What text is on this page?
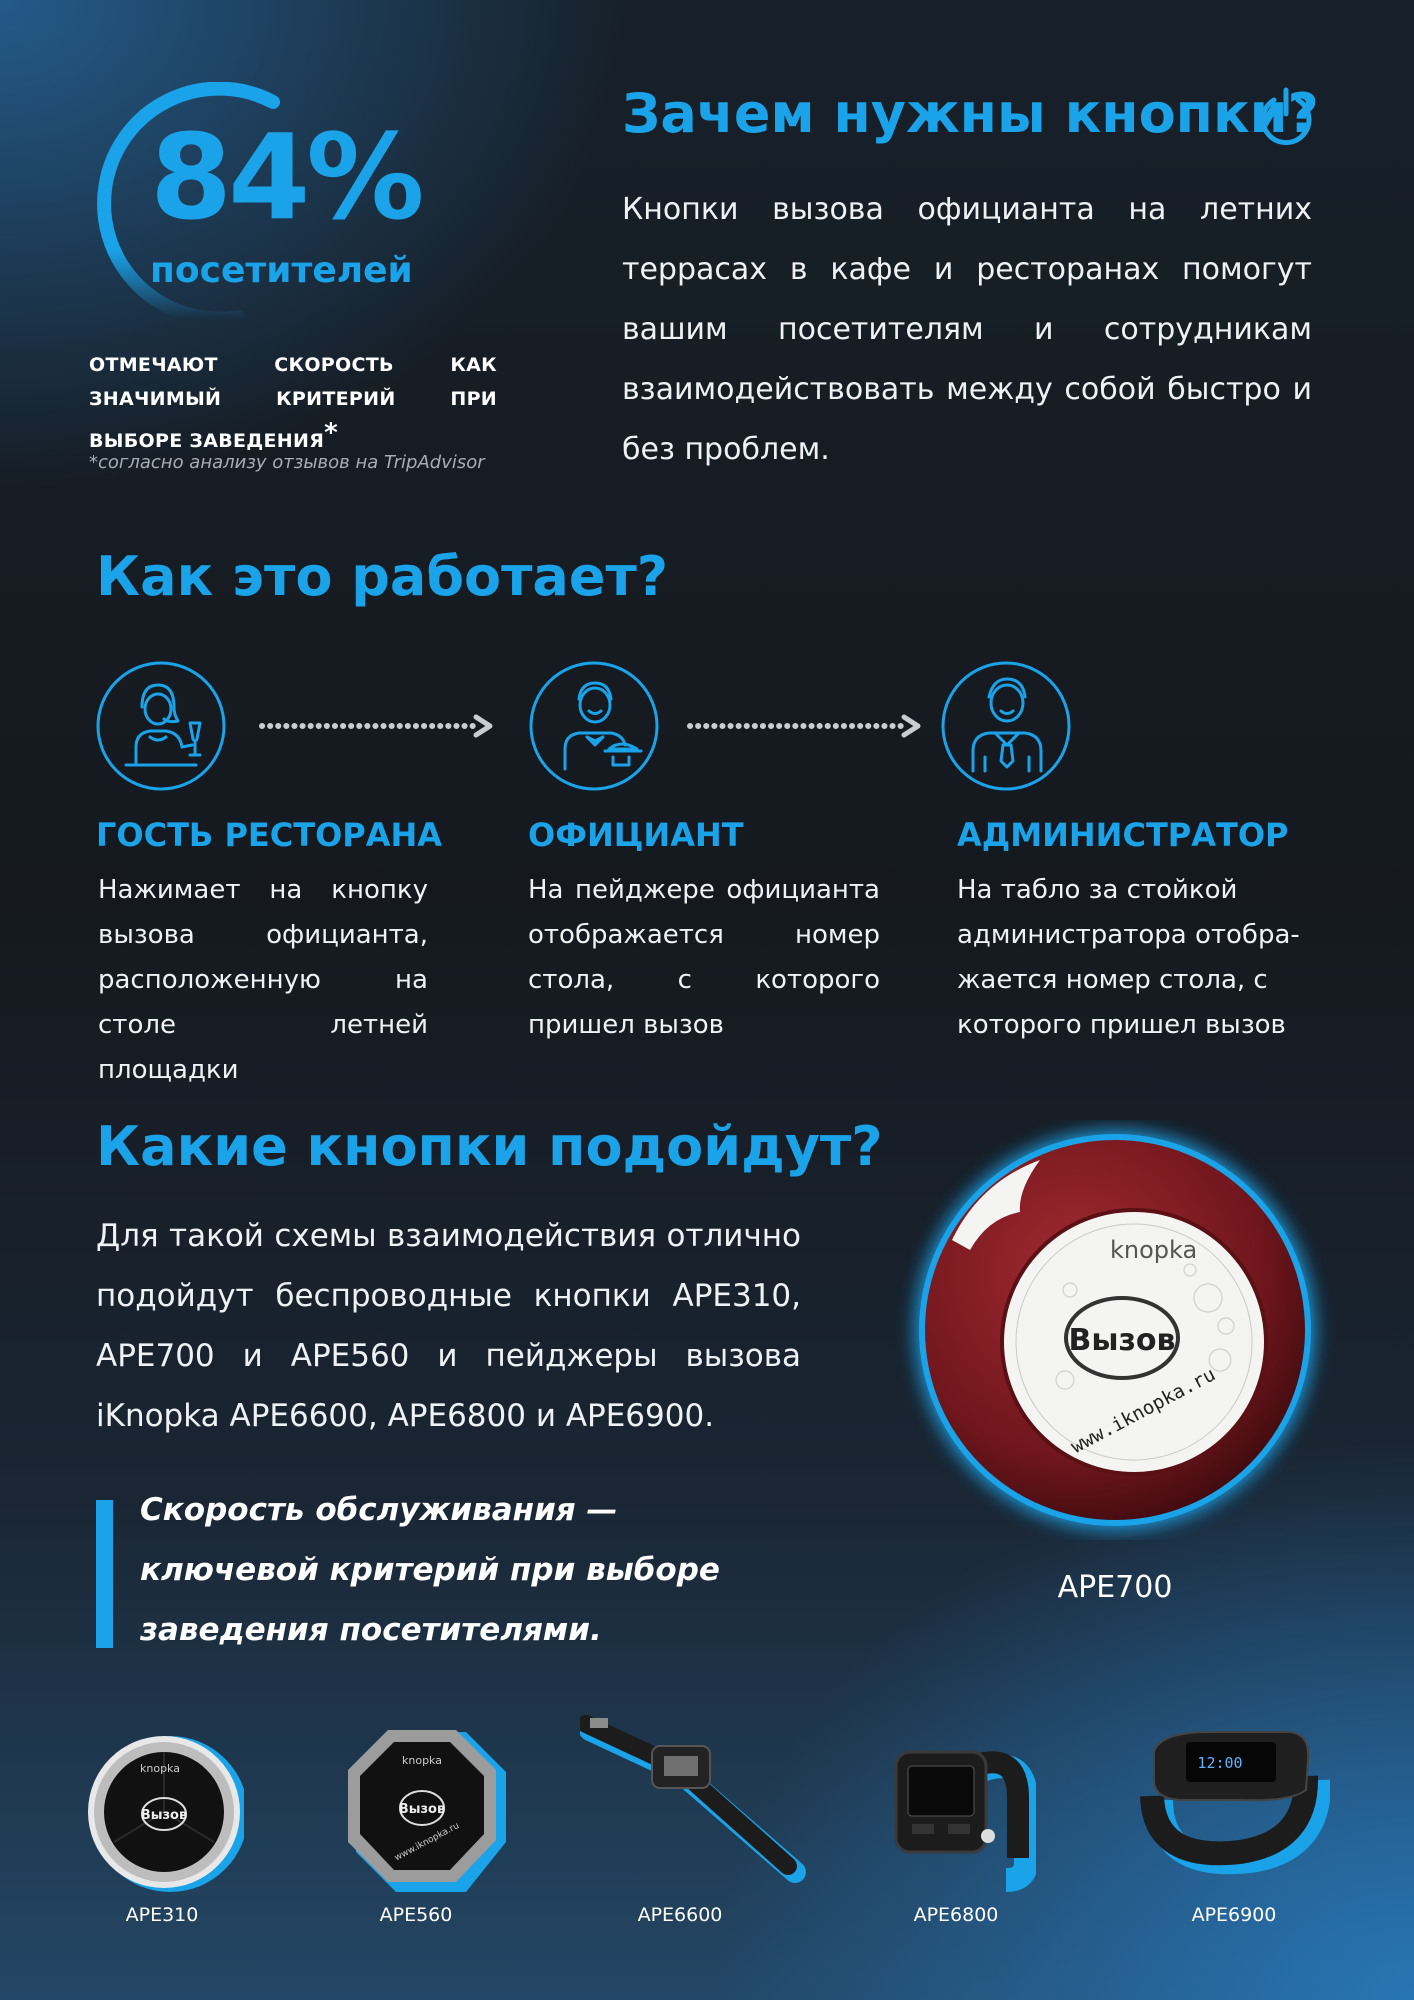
84%
посетителей
ОТМЕЧАЮТ СКОРОСТЬ КАК ЗНАЧИМЫЙ КРИТЕРИЙ ПРИ ВЫБОРЕ ЗАВЕДЕНИЯ*
*согласно анализу отзывов на TripAdvisor
Зачем нужны кнопки?
Кнопки вызова официанта на летних террасах в кафе и ресторанах помогут вашим посетителям и сотрудникам взаимодействовать между собой быстро и без проблем.
Как это работает?
ГОСТЬ РЕСТОРАНА
Нажимает на кнопку вызова официанта, расположенную на столе летней площадки
ОФИЦИАНТ
На пейджере официанта отображается номер стола, с которого пришел вызов
АДМИНИСТРАТОР
На табло за стойкой администратора отобра-жается номер стола, с которого пришел вызов
Какие кнопки подойдут?
Для такой схемы взаимодействия отлично подойдут беспроводные кнопки APE310, APE700 и APE560 и пейджеры вызова iKnopka APE6600, APE6800 и APE6900.
Скорость обслуживания — ключевой критерий при выборе заведения посетителями.
knopka
Вызов
www.iknopka.ru
APE700
Вызов
knopka
APE310
Вызов
knopka
www.iknopka.ru
APE560	APE6600	APE6800
12:00
APE6900
